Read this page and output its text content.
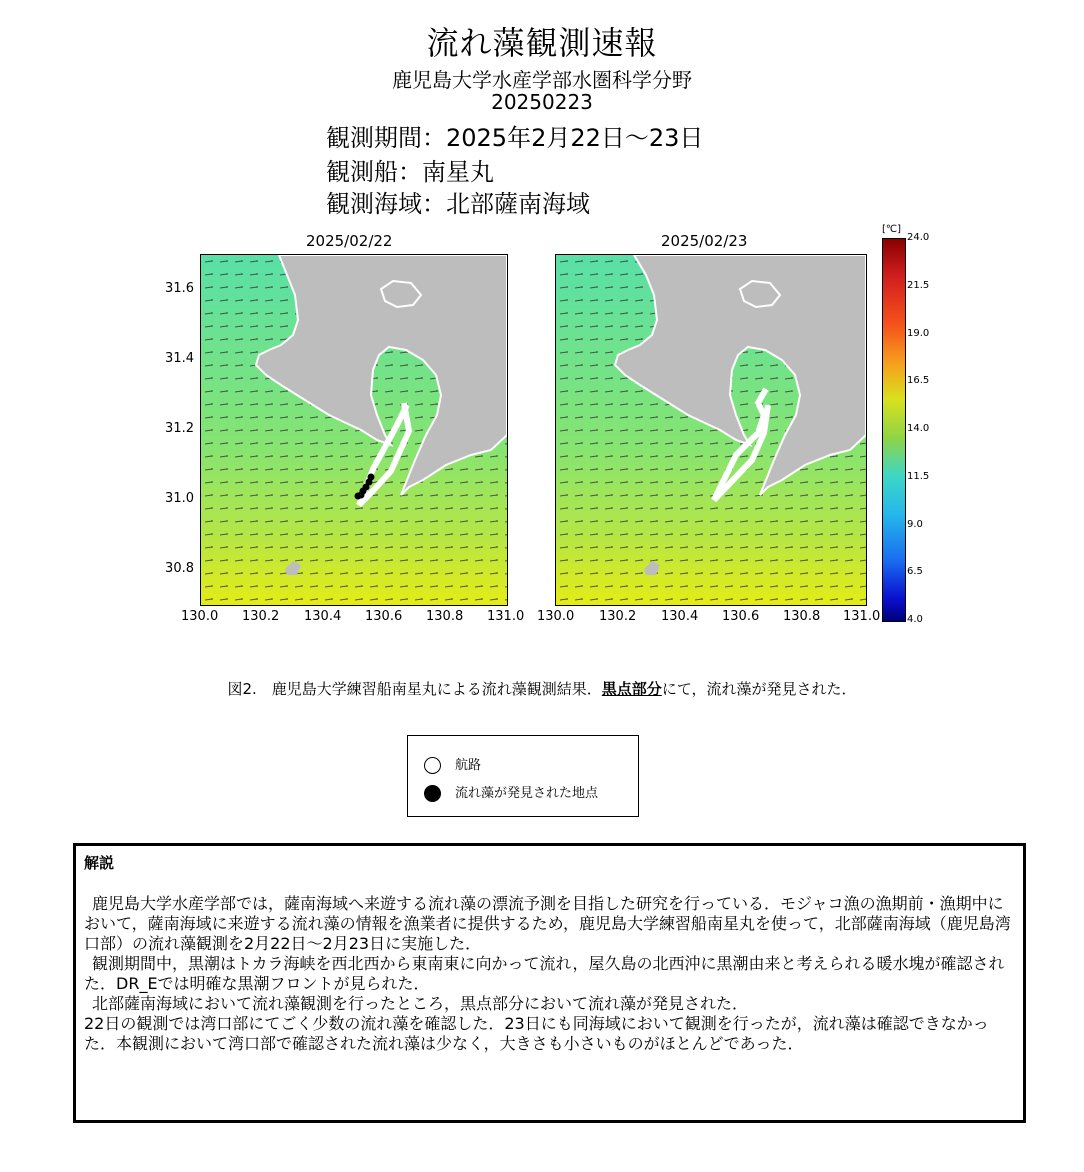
流れ藻観測速報
鹿児島大学水産学部水圏科学分野
20250223
観測期間：2025年2月22日～23日
観測船：南星丸
観測海域：北部薩南海域
2025/02/22	2025/02/23
31.6
31.4
31.2
31.0
30.8
130.0 130.2 130.4 130.6 130.8 131.0 130.0 130.2 130.4 130.6 130.8 131.0
[℃]
24.0
21.5
19.0
16.5
14.0
11.5
9.0
6.5
4.0
図2.　鹿児島大学練習船南星丸による流れ藻観測結果．黒点部分にて，流れ藻が発見された．
航路
流れ藻が発見された地点
解説

鹿児島大学水産学部では，薩南海域へ来遊する流れ藻の漂流予測を目指した研究を行っている．モジャコ漁の漁期前・漁期中において，薩南海域に来遊する流れ藻の情報を漁業者に提供するため，鹿児島大学練習船南星丸を使って，北部薩南海域（鹿児島湾口部）の流れ藻観測を2月22日～2月23日に実施した．

観測期間中，黒潮はトカラ海峡を西北西から東南東に向かって流れ，屋久島の北西沖に黒潮由来と考えられる暖水塊が確認された．DR_Eでは明確な黒潮フロントが見られた．

北部薩南海域において流れ藻観測を行ったところ，黒点部分において流れ藻が発見された．

22日の観測では湾口部にてごく少数の流れ藻を確認した．23日にも同海域において観測を行ったが，流れ藻は確認できなかった．本観測において湾口部で確認された流れ藻は少なく，大きさも小さいものがほとんどであった．
